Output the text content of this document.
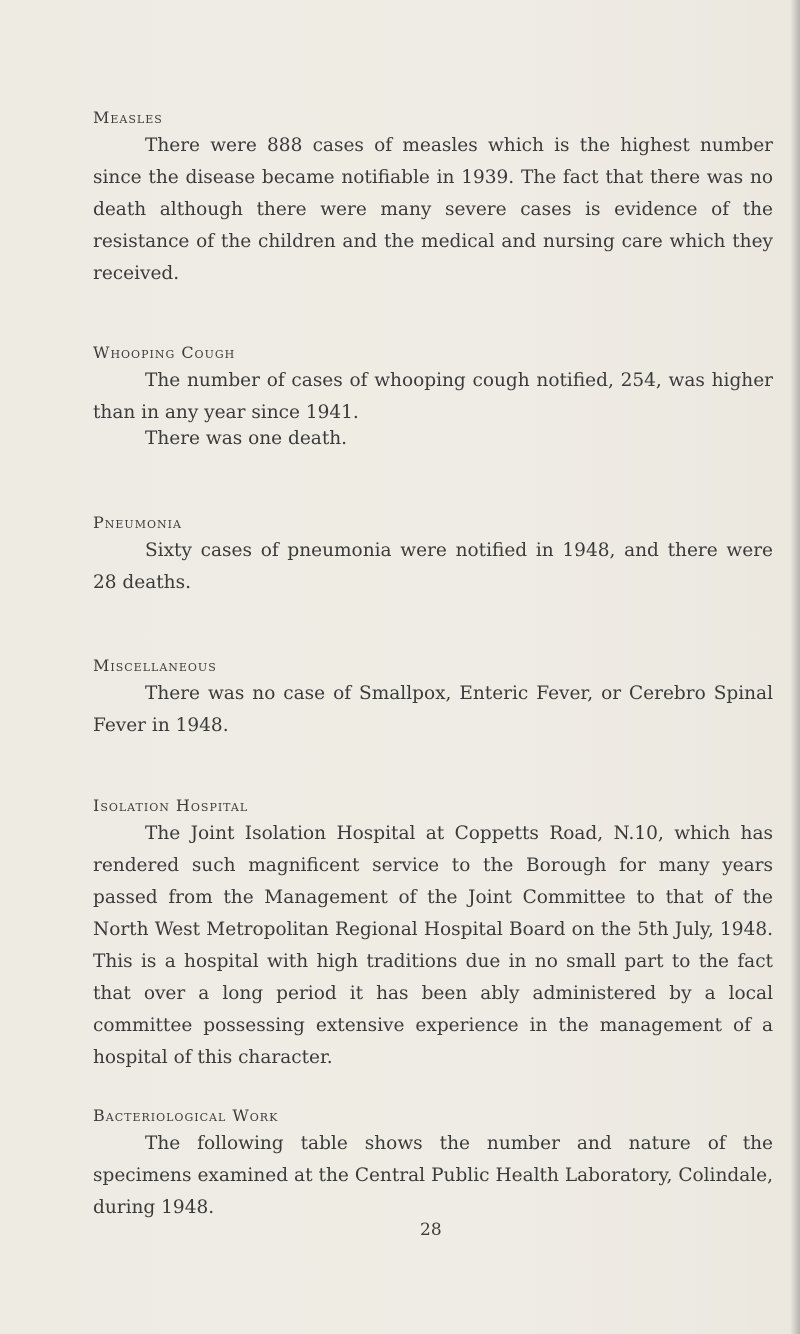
Measles
There were 888 cases of measles which is the highest number since the disease became notifiable in 1939. The fact that there was no death although there were many severe cases is evidence of the resistance of the children and the medical and nursing care which they received.
Whooping Cough
The number of cases of whooping cough notified, 254, was higher than in any year since 1941.
There was one death.
Pneumonia
Sixty cases of pneumonia were notified in 1948, and there were 28 deaths.
Miscellaneous
There was no case of Smallpox, Enteric Fever, or Cerebro Spinal Fever in 1948.
Isolation Hospital
The Joint Isolation Hospital at Coppetts Road, N.10, which has rendered such magnificent service to the Borough for many years passed from the Management of the Joint Committee to that of the North West Metropolitan Regional Hospital Board on the 5th July, 1948. This is a hospital with high traditions due in no small part to the fact that over a long period it has been ably administered by a local committee possessing extensive experience in the management of a hospital of this character.
Bacteriological Work
The following table shows the number and nature of the specimens examined at the Central Public Health Laboratory, Colindale, during 1948.
28
